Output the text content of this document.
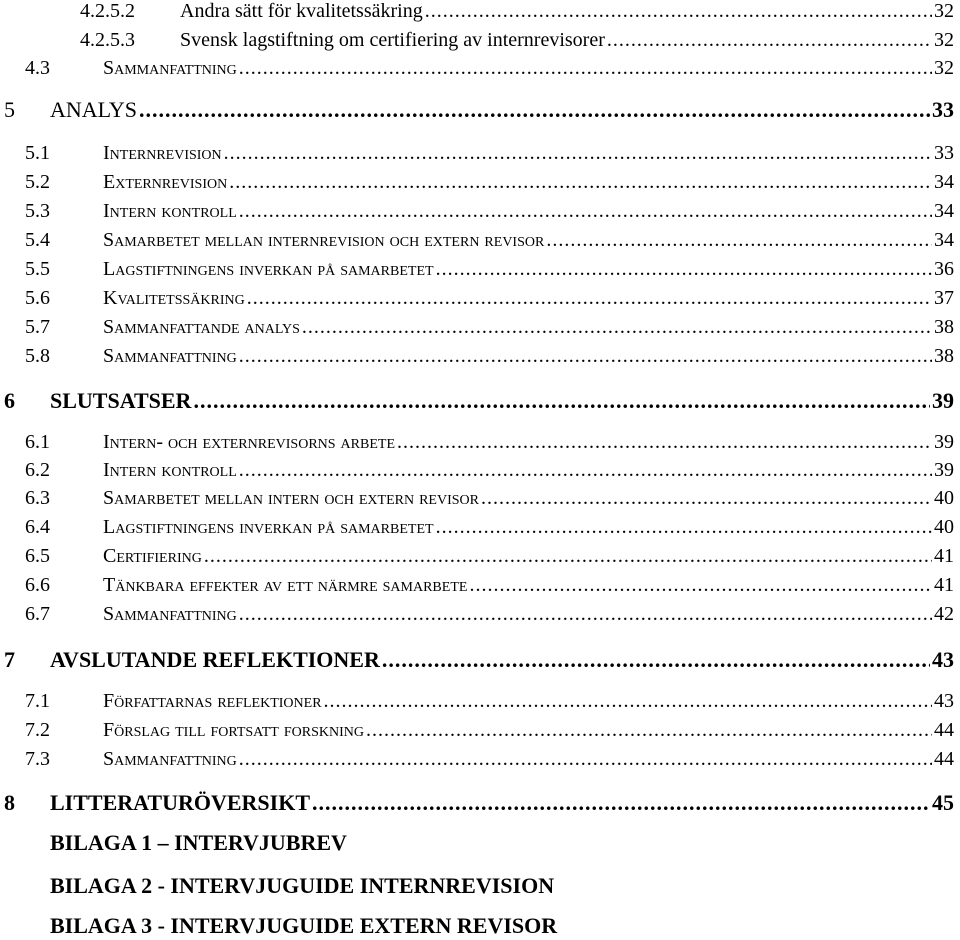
4.2.5.2 Andra sätt för kvalitetssäkring .....	32
4.2.5.3 Svensk lagstiftning om certifiering av internrevisorer .....	32
4.3	Sammanfattning .....	32
5 ANALYS .....	33
5.1	Internrevision .....	33
5.2	Externrevision .....	34
5.3	Intern kontroll .....	34
5.4	Samarbetet mellan internrevision och extern revisor .....	34
5.5	Lagstiftningens inverkan på samarbetet .....	36
5.6	Kvalitetssäkring .....	37
5.7	Sammanfattande analys .....	38
5.8	Sammanfattning .....	38
6 SLUTSATSER .....	39
6.1	Intern- och externrevisorns arbete .....	39
6.2	Intern kontroll .....	39
6.3	Samarbetet mellan intern och extern revisor .....	40
6.4	Lagstiftningens inverkan på samarbetet .....	40
6.5	Certifiering .....	41
6.6	Tänkbara effekter av ett närmre samarbete .....	41
6.7	Sammanfattning .....	42
7 AVSLUTANDE REFLEKTIONER .....	43
7.1	Författarnas reflektioner .....	43
7.2	Förslag till fortsatt forskning .....	44
7.3	Sammanfattning .....	44
8 LITTERATURÖVERSIKT .....	45
BILAGA 1 – INTERVJUBREV
BILAGA 2 - INTERVJUGUIDE INTERNREVISION
BILAGA 3 - INTERVJUGUIDE EXTERN REVISOR
